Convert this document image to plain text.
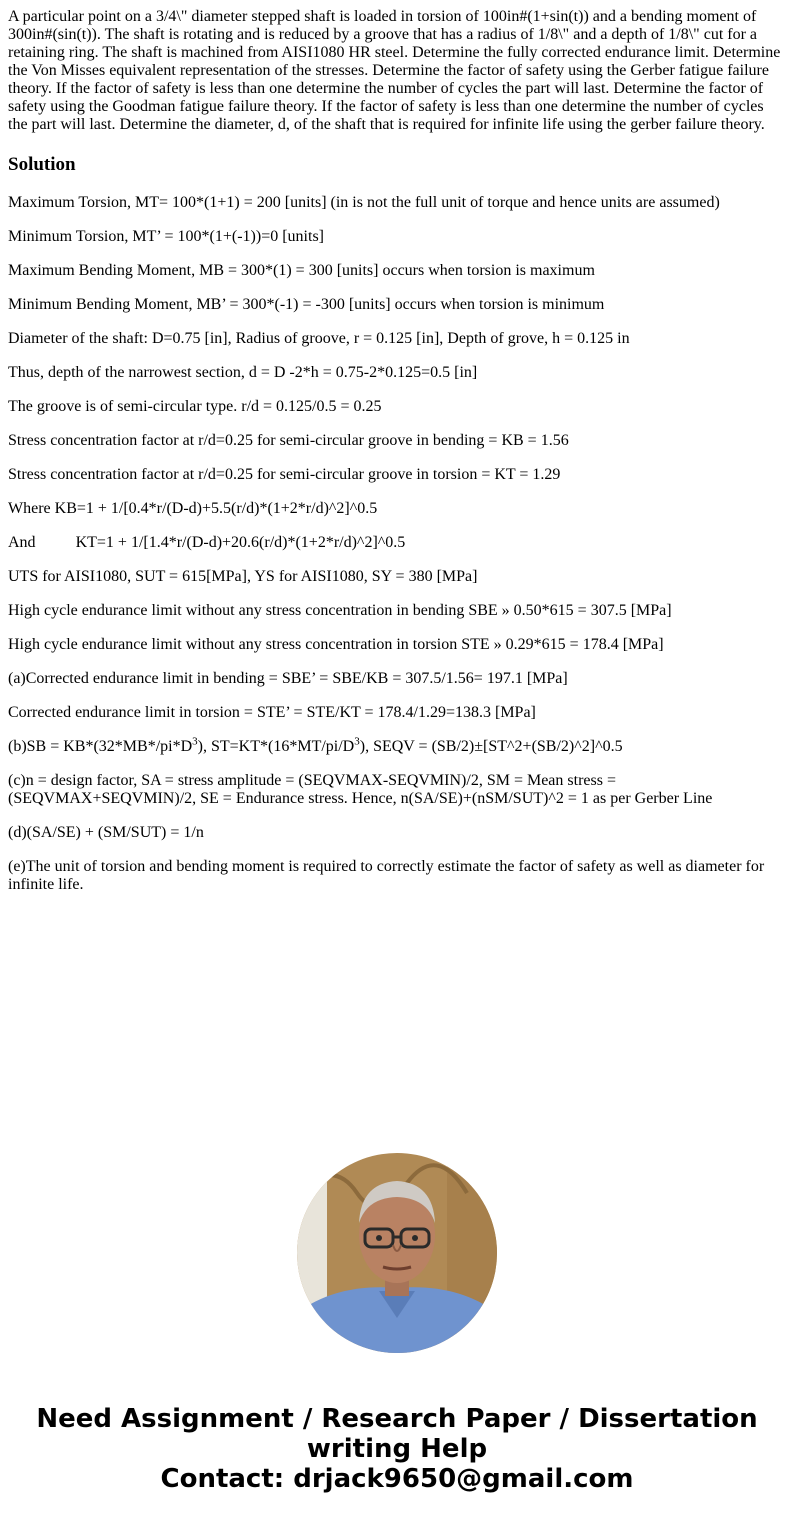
A particular point on a 3/4\" diameter stepped shaft is loaded in torsion of 100in#(1+sin(t)) and a bending moment of 300in#(sin(t)). The shaft is rotating and is reduced by a groove that has a radius of 1/8\" and a depth of 1/8\" cut for a retaining ring. The shaft is machined from AISI1080 HR steel. Determine the fully corrected endurance limit. Determine the Von Misses equivalent representation of the stresses. Determine the factor of safety using the Gerber fatigue failure theory. If the factor of safety is less than one determine the number of cycles the part will last. Determine the factor of safety using the Goodman fatigue failure theory. If the factor of safety is less than one determine the number of cycles the part will last. Determine the diameter, d, of the shaft that is required for infinite life using the gerber failure theory.

Solution

Maximum Torsion, MT= 100*(1+1) = 200 [units] (in is not the full unit of torque and hence units are assumed)

Minimum Torsion, MT’ = 100*(1+(-1))=0 [units]

Maximum Bending Moment, MB = 300*(1) = 300 [units] occurs when torsion is maximum

Minimum Bending Moment, MB’ = 300*(-1) = -300 [units] occurs when torsion is minimum

Diameter of the shaft: D=0.75 [in], Radius of groove, r = 0.125 [in], Depth of grove, h = 0.125 in

Thus, depth of the narrowest section, d = D -2*h = 0.75-2*0.125=0.5 [in]

The groove is of semi-circular type. r/d = 0.125/0.5 = 0.25

Stress concentration factor at r/d=0.25 for semi-circular groove in bending = KB = 1.56

Stress concentration factor at r/d=0.25 for semi-circular groove in torsion = KT = 1.29

Where KB=1 + 1/[0.4*r/(D-d)+5.5(r/d)*(1+2*r/d)^2]^0.5

And	KT=1 + 1/[1.4*r/(D-d)+20.6(r/d)*(1+2*r/d)^2]^0.5

UTS for AISI1080, SUT = 615[MPa], YS for AISI1080, SY = 380 [MPa]

High cycle endurance limit without any stress concentration in bending SBE » 0.50*615 = 307.5 [MPa]

High cycle endurance limit without any stress concentration in torsion STE » 0.29*615 = 178.4 [MPa]

(a)Corrected endurance limit in bending = SBE’ = SBE/KB = 307.5/1.56= 197.1 [MPa]

Corrected endurance limit in torsion = STE’ = STE/KT = 178.4/1.29=138.3 [MPa]

$(b)SB = KB*(32*MB*/pi*D^3)$, $ST=KT*(16*MT/pi/D^3)$, SEQV = (SB/2)±[ST^2+(SB/2)^2]^0.5

(c)n = design factor, SA = stress amplitude = (SEQVMAX-SEQVMIN)/2, SM = Mean stress = (SEQVMAX+SEQVMIN)/2, SE = Endurance stress. Hence, n(SA/SE)+(nSM/SUT)^2 = 1 as per Gerber Line

(d)(SA/SE) + (SM/SUT) = 1/n

(e)The unit of torsion and bending moment is required to correctly estimate the factor of safety as well as diameter for infinite life.

Need Assignment / Research Paper / Dissertation
writing Help
Contact: drjack9650@gmail.com
